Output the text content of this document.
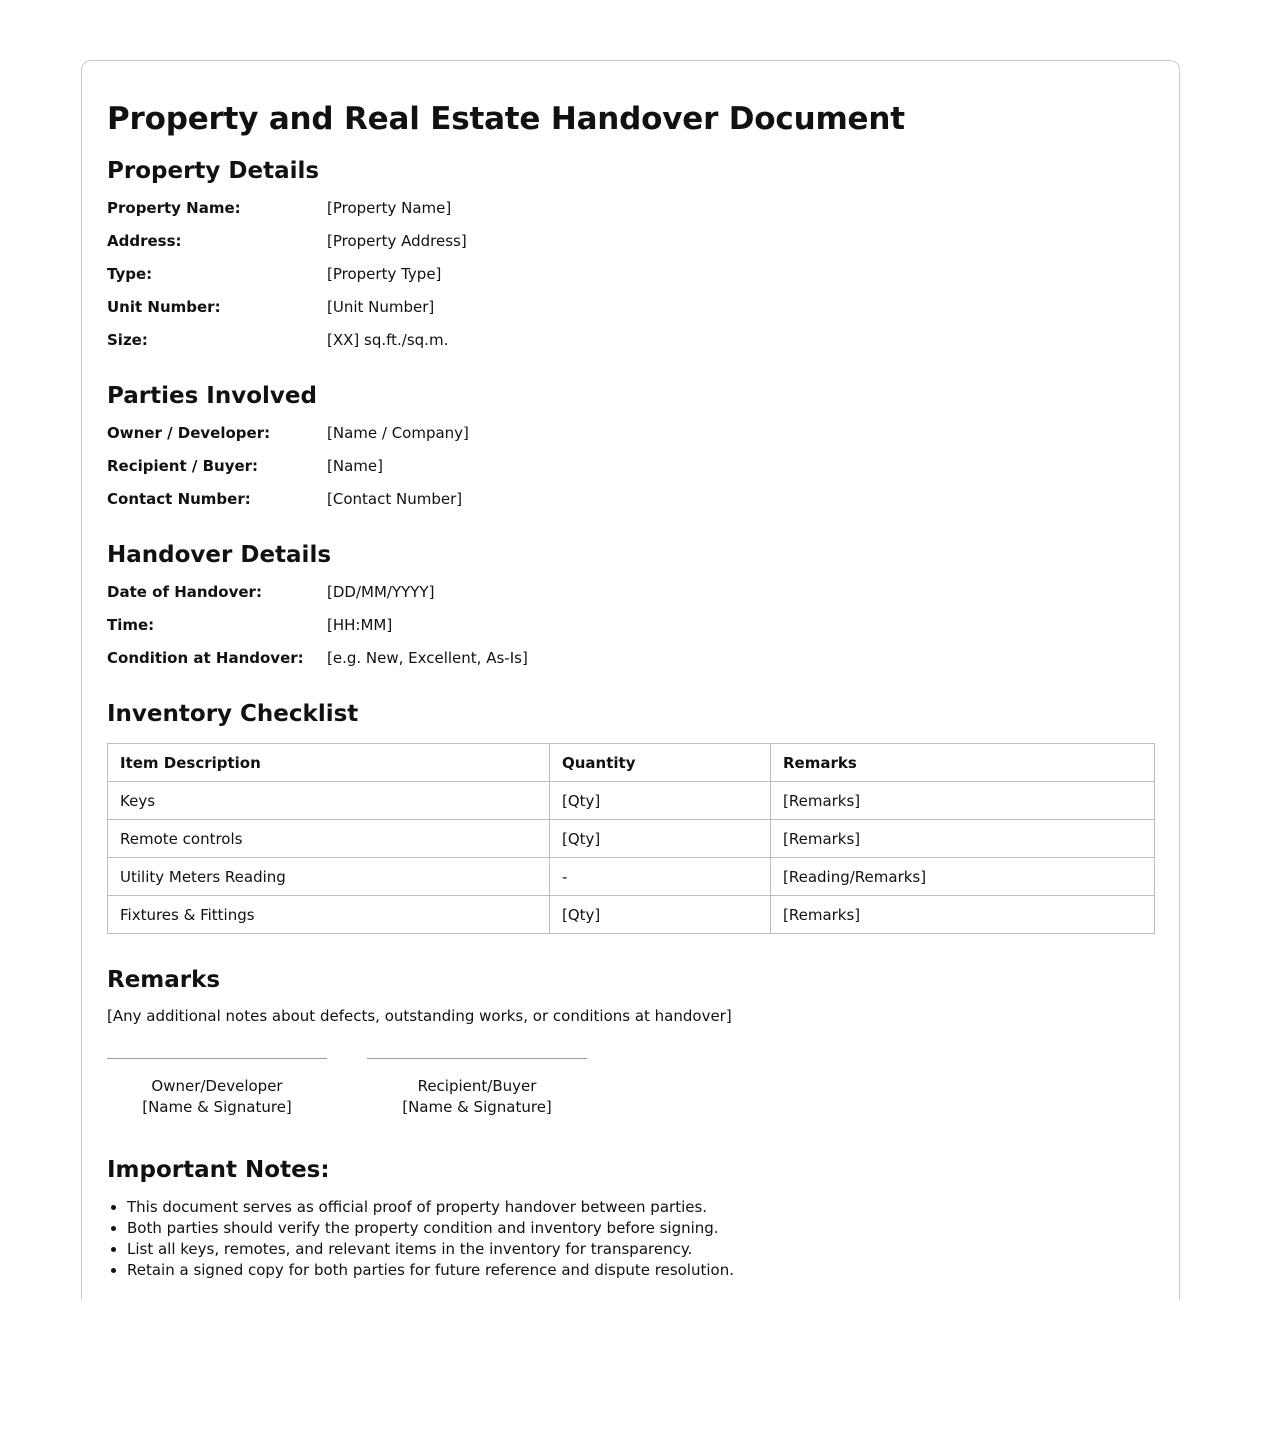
Property and Real Estate Handover Document
Property Details
Property Name:	[Property Name]
Address:	[Property Address]
Type:	[Property Type]
Unit Number:	[Unit Number]
Size:	[XX] sq.ft./sq.m.
Parties Involved
Owner / Developer:	[Name / Company]
Recipient / Buyer:	[Name]
Contact Number:	[Contact Number]
Handover Details
Date of Handover:	[DD/MM/YYYY]
Time:	[HH:MM]
Condition at Handover:	[e.g. New, Excellent, As-Is]
Inventory Checklist
Item Description	Quantity	Remarks
Keys	[Qty]	[Remarks]
Remote controls	[Qty]	[Remarks]
Utility Meters Reading	-	[Reading/Remarks]
Fixtures & Fittings	[Qty]	[Remarks]
Remarks

[Any additional notes about defects, outstanding works, or conditions at handover]

Owner/Developer
[Name & Signature]
Recipient/Buyer
[Name & Signature]
Important Notes:
• This document serves as official proof of property handover between parties.
• Both parties should verify the property condition and inventory before signing.
• List all keys, remotes, and relevant items in the inventory for transparency.
• Retain a signed copy for both parties for future reference and dispute resolution.
